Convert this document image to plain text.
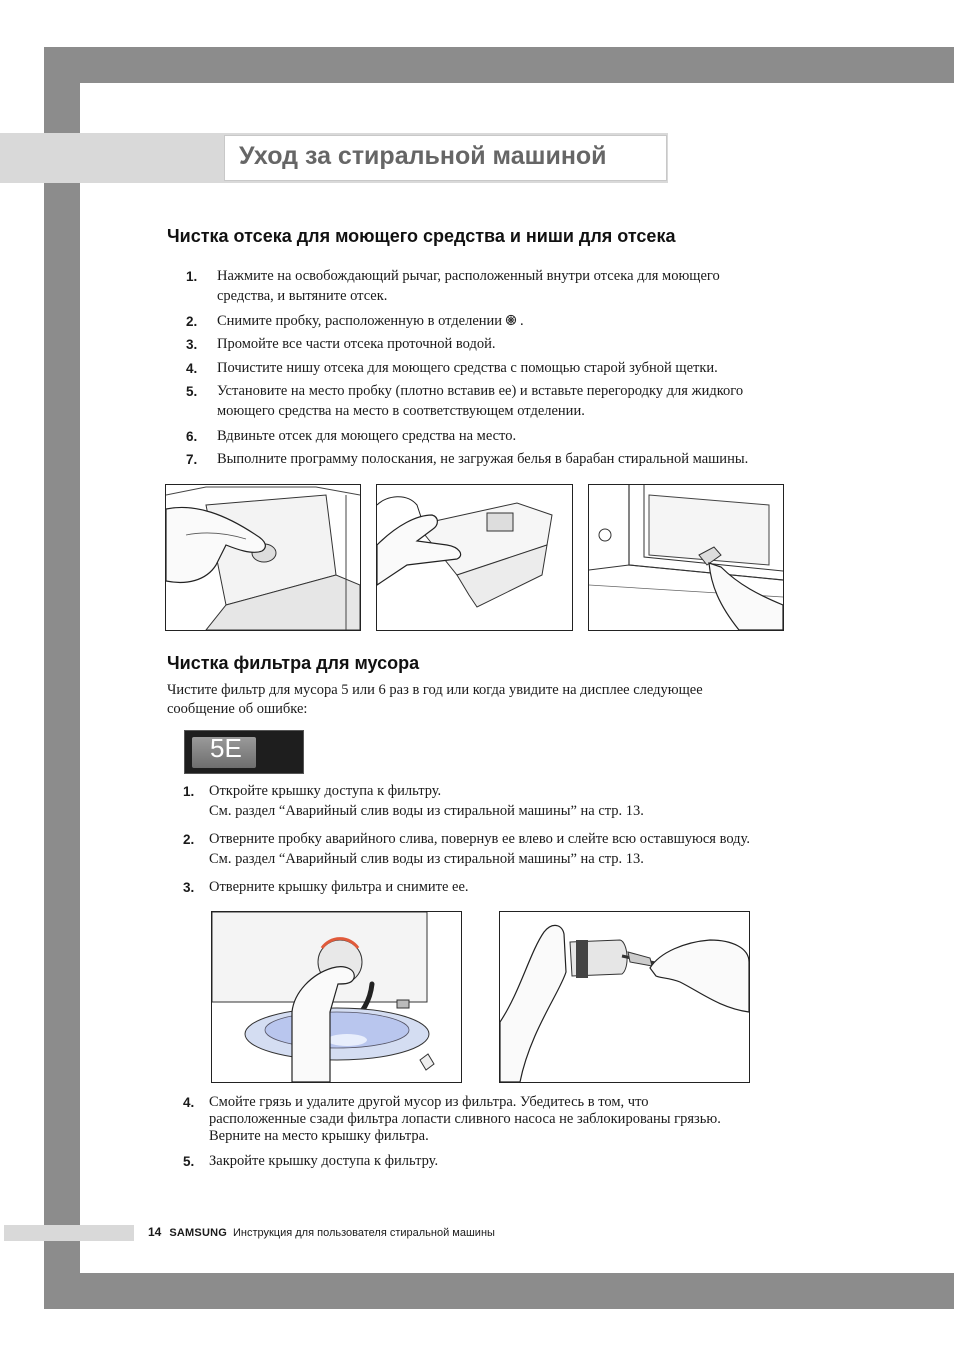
Уход за стиральной машиной
Чистка отсека для моющего средства и ниши для отсека
1. Нажмите на освобождающий рычаг, расположенный внутри отсека для моющего
средства, и вытяните отсек.
2. Снимите пробку, расположенную в отделении .
3. Промойте все части отсека проточной водой.
4. Почистите нишу отсека для моющего средства с помощью старой зубной щетки.
5. Установите на место пробку (плотно вставив ее) и вставьте перегородку для жидкого
моющего средства на место в соответствующем отделении.
6. Вдвиньте отсек для моющего средства на место.
7. Выполните программу полоскания, не загружая белья в барабан стиральной машины.
Чистка фильтра для мусора
Чистите фильтр для мусора 5 или 6 раз в год или когда увидите на дисплее следующее
сообщение об ошибке:
5E
1. Откройте крышку доступа к фильтру.
См. раздел “Аварийный слив воды из стиральной машины” на стр. 13.
2. Отверните пробку аварийного слива, повернув ее влево и слейте всю оставшуюся воду.
См. раздел “Аварийный слив воды из стиральной машины” на стр. 13.
3. Отверните крышку фильтра и снимите ее.
4. Смойте грязь и удалите другой мусор из фильтра. Убедитесь в том, что
расположенные сзади фильтра лопасти сливного насоса не заблокированы грязью.
Верните на место крышку фильтра.
5. Закройте крышку доступа к фильтру.
14 SAMSUNG Инструкция для пользователя стиральной машины
